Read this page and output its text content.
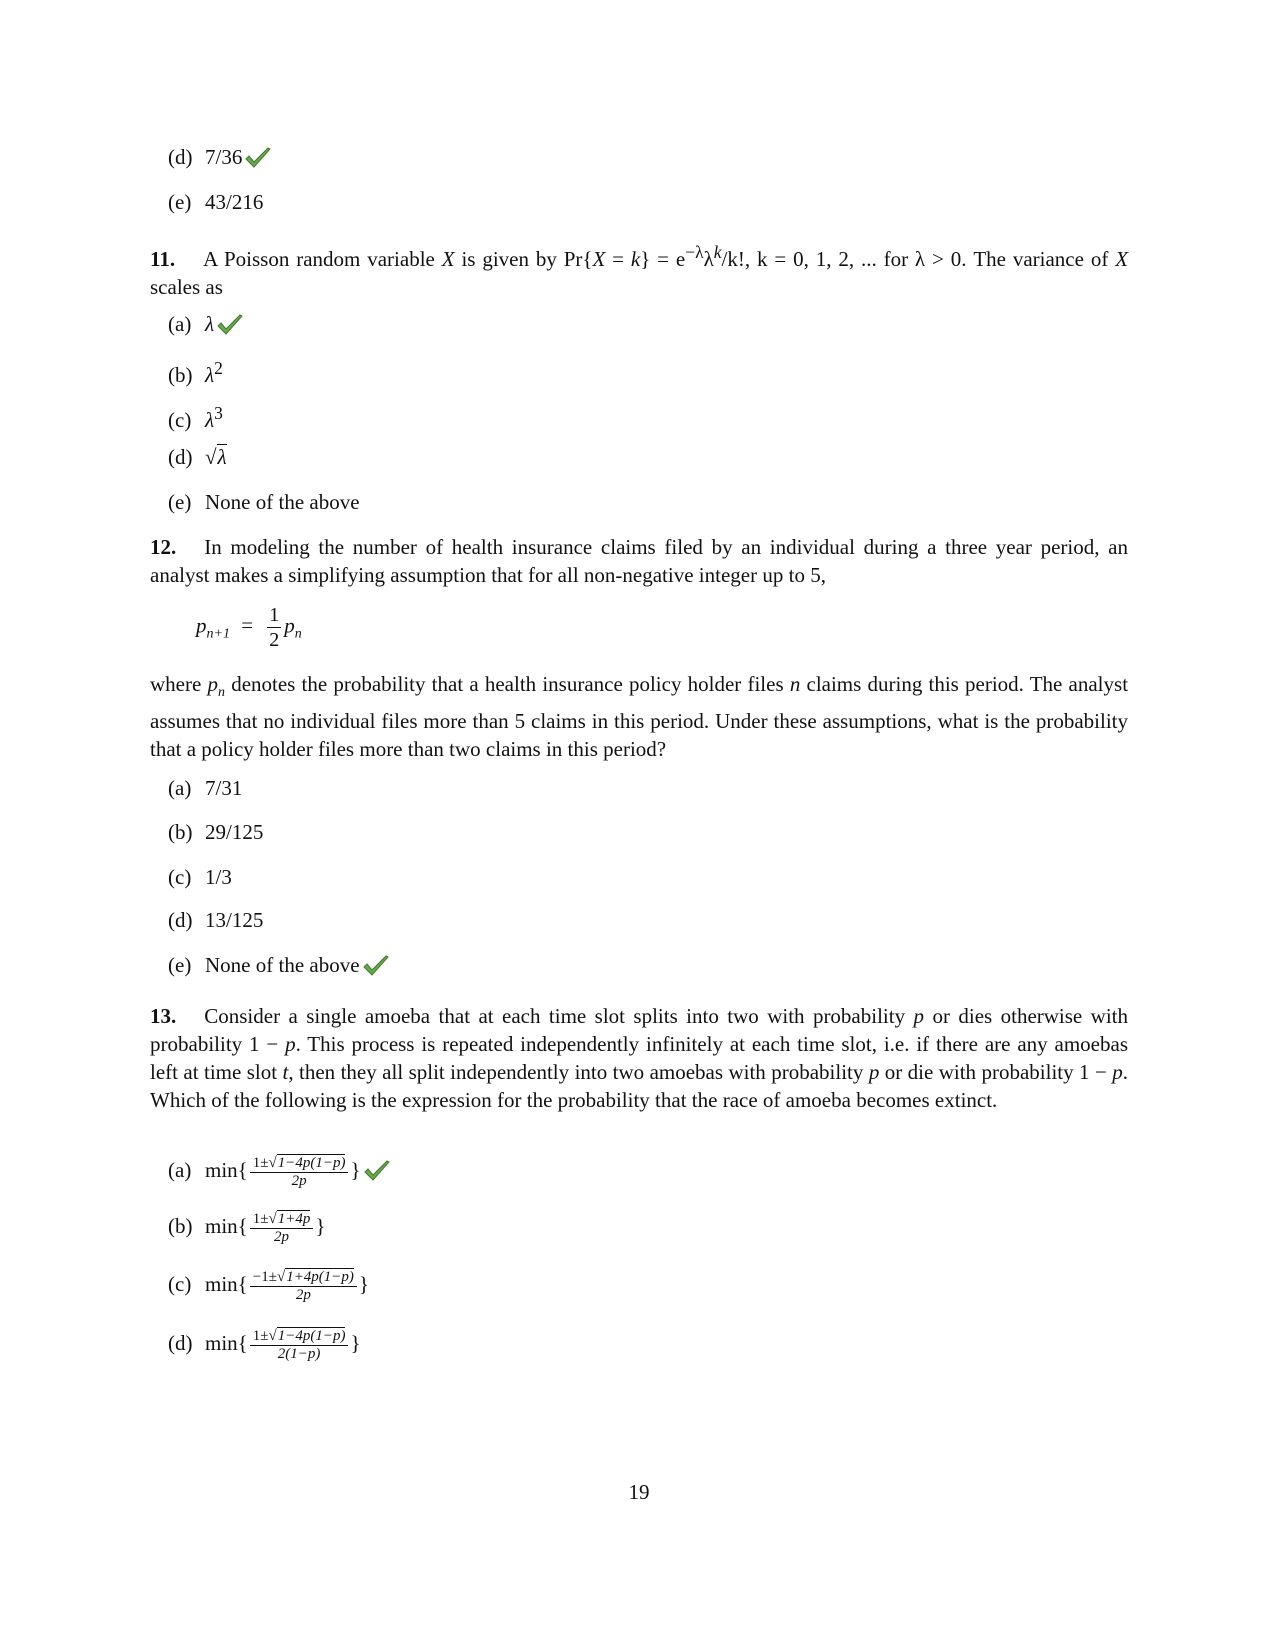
(d) 7/36
(e) 43/216
11. A Poisson random variable X is given by $Pr\{X = k\} = e^{-\lambda}\lambda^k/k$!, k = 0, 1, 2, ... for λ > 0. The variance of X scales as
(a) λ
(b) $\lambda^2$
(c) $\lambda^3$
(d) √λ
(e) None of the above
12. In modeling the number of health insurance claims filed by an individual during a three year period, an analyst makes a simplifying assumption that for all non-negative integer up to 5,
$p_{n+1} = \frac{1}{2} p_n$
where $p_n$ denotes the probability that a health insurance policy holder files n claims during this period. The analyst assumes that no individual files more than 5 claims in this period. Under these assumptions, what is the probability that a policy holder files more than two claims in this period?
(a) 7/31
(b) 29/125
(c) 1/3
(d) 13/125
(e) None of the above
13. Consider a single amoeba that at each time slot splits into two with probability p or dies otherwise with probability 1 − p. This process is repeated independently infinitely at each time slot, i.e. if there are any amoebas left at time slot t, then they all split independently into two amoebas with probability p or die with probability 1 − p. Which of the following is the expression for the probability that the race of amoeba becomes extinct.
(a) $\min\{ \frac{1\pm√1-4p(1-p)}{2p}$ }
(b) $\min\{ \frac{1\pm√1+4p}{2p}$ }
(c) $\min\{ \frac{-1\pm√1+4p(1-p)}{2p}$ }
(d) $\min\{ \frac{1\pm√1-4p(1-p)}{2(1-p)}$ }
19
